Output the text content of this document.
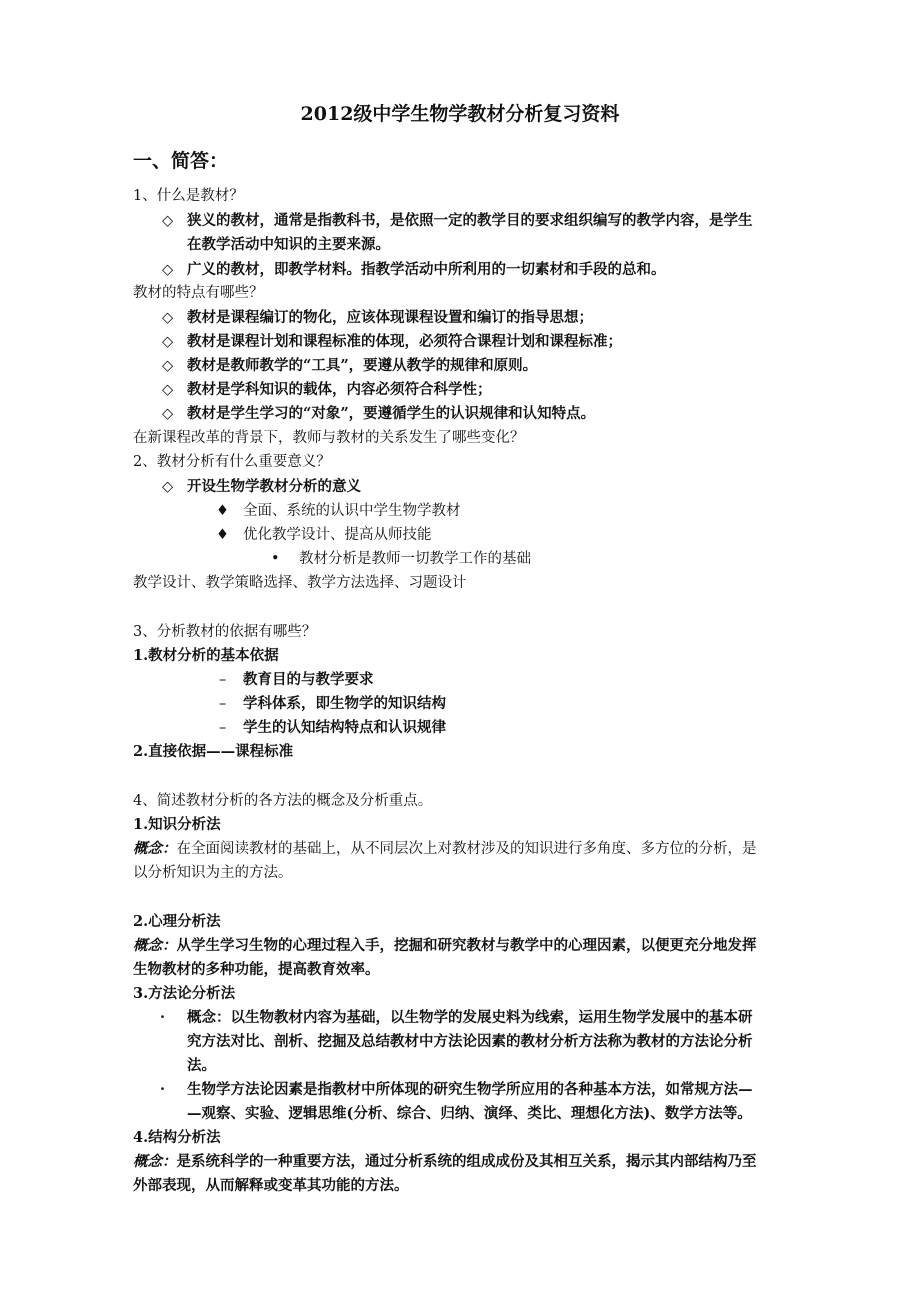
2012级中学生物学教材分析复习资料
一、简答：
1、什么是教材？
◇ 狭义的教材，通常是指教科书，是依照一定的教学目的要求组织编写的教学内容，是学生
在教学活动中知识的主要来源。
◇ 广义的教材，即教学材料。指教学活动中所利用的一切素材和手段的总和。
教材的特点有哪些？
◇ 教材是课程编订的物化，应该体现课程设置和编订的指导思想；
◇ 教材是课程计划和课程标准的体现，必须符合课程计划和课程标准；
◇ 教材是教师教学的“工具”，要遵从教学的规律和原则。
◇ 教材是学科知识的载体，内容必须符合科学性；
◇ 教材是学生学习的“对象”，要遵循学生的认识规律和认知特点。
在新课程改革的背景下，教师与教材的关系发生了哪些变化？
2、教材分析有什么重要意义？
◇ 开设生物学教材分析的意义
♦ 全面、系统的认识中学生物学教材
♦ 优化教学设计、提高从师技能
• 教材分析是教师一切教学工作的基础
教学设计、教学策略选择、教学方法选择、习题设计
3、分析教材的依据有哪些？
1.教材分析的基本依据
– 教育目的与教学要求
– 学科体系，即生物学的知识结构
– 学生的认知结构特点和认识规律
2.直接依据——课程标准
4、简述教材分析的各方法的概念及分析重点。
1.知识分析法
概念：在全面阅读教材的基础上，从不同层次上对教材涉及的知识进行多角度、多方位的分析，是
以分析知识为主的方法。
2.心理分析法
概念：从学生学习生物的心理过程入手，挖掘和研究教材与教学中的心理因素，以便更充分地发挥
生物教材的多种功能，提高教育效率。
3.方法论分析法
· 概念：以生物教材内容为基础，以生物学的发展史料为线索，运用生物学发展中的基本研
究方法对比、剖析、挖掘及总结教材中方法论因素的教材分析方法称为教材的方法论分析
法。
· 生物学方法论因素是指教材中所体现的研究生物学所应用的各种基本方法，如常规方法—
—观察、实验、逻辑思维(分析、综合、归纳、演绎、类比、理想化方法)、数学方法等。
4.结构分析法
概念：是系统科学的一种重要方法，通过分析系统的组成成份及其相互关系，揭示其内部结构乃至
外部表现，从而解释或变革其功能的方法。
